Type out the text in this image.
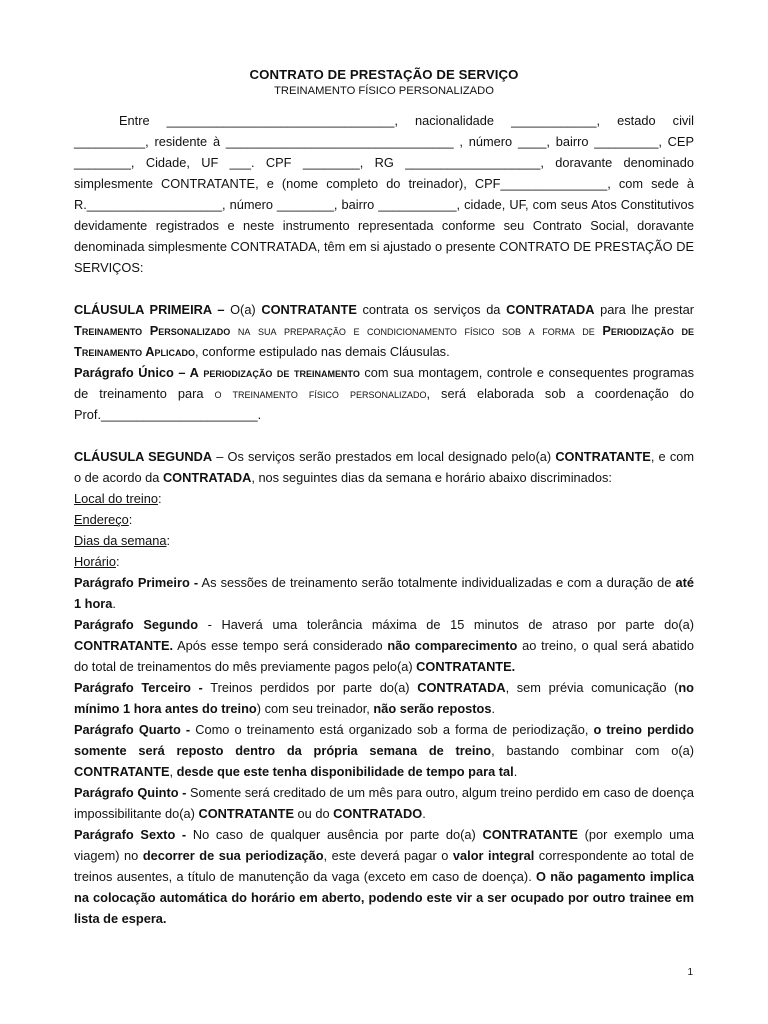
CONTRATO DE PRESTAÇÃO DE SERVIÇO
TREINAMENTO FÍSICO PERSONALIZADO

Entre ________________________________, nacionalidade ____________, estado civil __________, residente à ________________________________ , número ____, bairro _________, CEP ________, Cidade, UF ___. CPF ________, RG ___________________, doravante denominado simplesmente CONTRATANTE, e (nome completo do treinador), CPF_______________, com sede à R.___________________, número ________, bairro ___________, cidade, UF, com seus Atos Constitutivos devidamente registrados e neste instrumento representada conforme seu Contrato Social, doravante denominada simplesmente CONTRATADA, têm em si ajustado o presente CONTRATO DE PRESTAÇÃO DE SERVIÇOS:

CLÁUSULA PRIMEIRA – O(a) CONTRATANTE contrata os serviços da CONTRATADA para lhe prestar Treinamento Personalizado na sua preparação e condicionamento físico sob a forma de Periodização de Treinamento Aplicado, conforme estipulado nas demais Cláusulas.

Parágrafo Único – A periodização de treinamento com sua montagem, controle e consequentes programas de treinamento para o treinamento físico personalizado, será elaborada sob a coordenação do Prof.______________________.

CLÁUSULA SEGUNDA – Os serviços serão prestados em local designado pelo(a) CONTRATANTE, e com o de acordo da CONTRATADA, nos seguintes dias da semana e horário abaixo discriminados:

Local do treino:

Endereço:

Dias da semana:

Horário:

Parágrafo Primeiro - As sessões de treinamento serão totalmente individualizadas e com a duração de até 1 hora.

Parágrafo Segundo - Haverá uma tolerância máxima de 15 minutos de atraso por parte do(a) CONTRATANTE. Após esse tempo será considerado não comparecimento ao treino, o qual será abatido do total de treinamentos do mês previamente pagos pelo(a) CONTRATANTE.

Parágrafo Terceiro - Treinos perdidos por parte do(a) CONTRATADA, sem prévia comunicação (no mínimo 1 hora antes do treino) com seu treinador, não serão repostos.

Parágrafo Quarto - Como o treinamento está organizado sob a forma de periodização, o treino perdido somente será reposto dentro da própria semana de treino, bastando combinar com o(a) CONTRATANTE, desde que este tenha disponibilidade de tempo para tal.

Parágrafo Quinto - Somente será creditado de um mês para outro, algum treino perdido em caso de doença impossibilitante do(a) CONTRATANTE ou do CONTRATADO.

Parágrafo Sexto - No caso de qualquer ausência por parte do(a) CONTRATANTE (por exemplo uma viagem) no decorrer de sua periodização, este deverá pagar o valor integral correspondente ao total de treinos ausentes, a título de manutenção da vaga (exceto em caso de doença). O não pagamento implica na colocação automática do horário em aberto, podendo este vir a ser ocupado por outro trainee em lista de espera.

1
